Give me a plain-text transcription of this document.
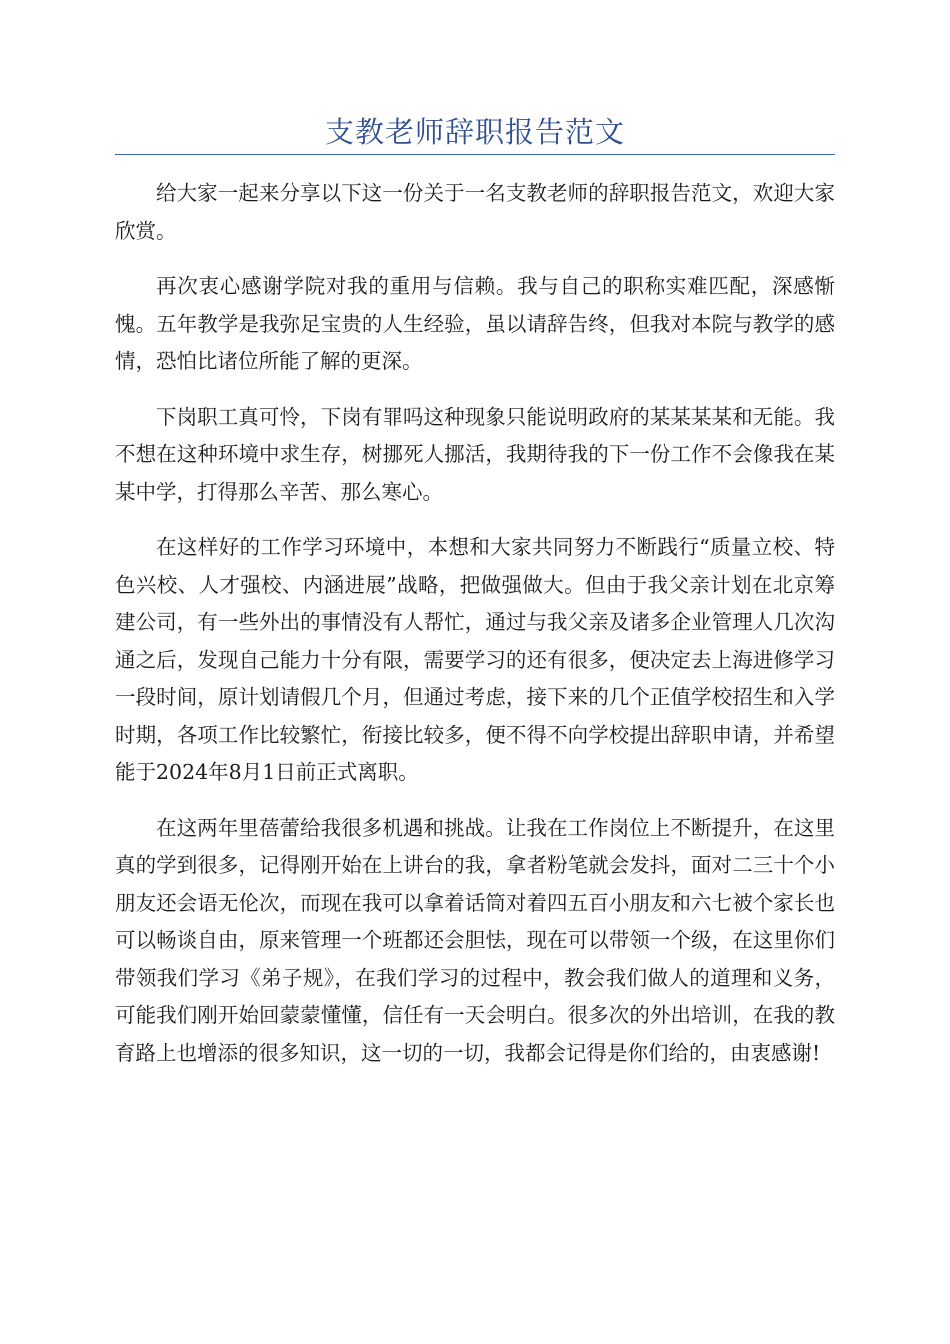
支教老师辞职报告范文

给大家一起来分享以下这一份关于一名支教老师的辞职报告范文，欢迎大家欣赏。

再次衷心感谢学院对我的重用与信赖。我与自己的职称实难匹配，深感惭愧。五年教学是我弥足宝贵的人生经验，虽以请辞告终，但我对本院与教学的感情，恐怕比诸位所能了解的更深。

下岗职工真可怜，下岗有罪吗这种现象只能说明政府的某某某某和无能。我不想在这种环境中求生存，树挪死人挪活，我期待我的下一份工作不会像我在某某中学，打得那么辛苦、那么寒心。

在这样好的工作学习环境中，本想和大家共同努力不断践行“质量立校、特色兴校、人才强校、内涵进展”战略，把做强做大。但由于我父亲计划在北京筹建公司，有一些外出的事情没有人帮忙，通过与我父亲及诸多企业管理人几次沟通之后，发现自己能力十分有限，需要学习的还有很多，便决定去上海进修学习一段时间，原计划请假几个月，但通过考虑，接下来的几个正值学校招生和入学时期，各项工作比较繁忙，衔接比较多，便不得不向学校提出辞职申请，并希望能于2024年8月1日前正式离职。

在这两年里蓓蕾给我很多机遇和挑战。让我在工作岗位上不断提升，在这里真的学到很多，记得刚开始在上讲台的我，拿者粉笔就会发抖，面对二三十个小朋友还会语无伦次，而现在我可以拿着话筒对着四五百小朋友和六七被个家长也可以畅谈自由，原来管理一个班都还会胆怯，现在可以带领一个级，在这里你们带领我们学习《弟子规》，在我们学习的过程中，教会我们做人的道理和义务，可能我们刚开始回蒙蒙懂懂，信任有一天会明白。很多次的外出培训，在我的教育路上也增添的很多知识，这一切的一切，我都会记得是你们给的，由衷感谢!
